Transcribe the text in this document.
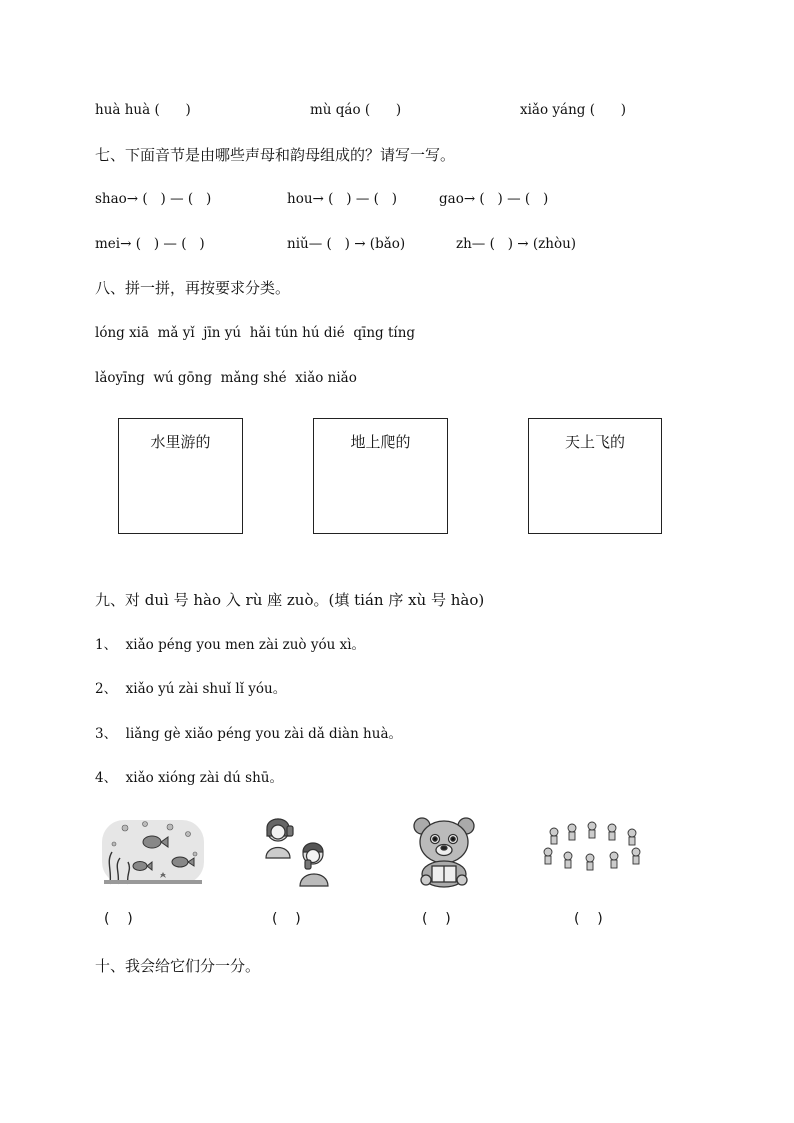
huà huà (      )	mù qáo (      )	xiǎo yáng (      )
七、下面音节是由哪些声母和韵母组成的？请写一写。
shao→ (   ) — (   )	hou→ (   ) — (   )	gao→ (   ) — (   )
mei→ (   ) — (   )	niǔ— (   ) → (bǎo)	zh— (   ) → (zhòu)
八、拼一拼，再按要求分类。
lóng xiā  mǎ yǐ  jīn yú  hǎi tún hú dié  qīng tíng
lǎoyīng  wú gōng  mǎng shé  xiǎo niǎo
水里游的	地上爬的	天上飞的
九、对 duì 号 hào 入 rù 座 zuò。(填 tián 序 xù 号 hào)
1、  xiǎo péng you men zài zuò yóu xì。
2、  xiǎo yú zài shuǐ lǐ yóu。
3、  liǎng gè xiǎo péng you zài dǎ diàn huà。
4、  xiǎo xióng zài dú shū。
(    )	(    )	(    )	(    )
十、我会给它们分一分。
